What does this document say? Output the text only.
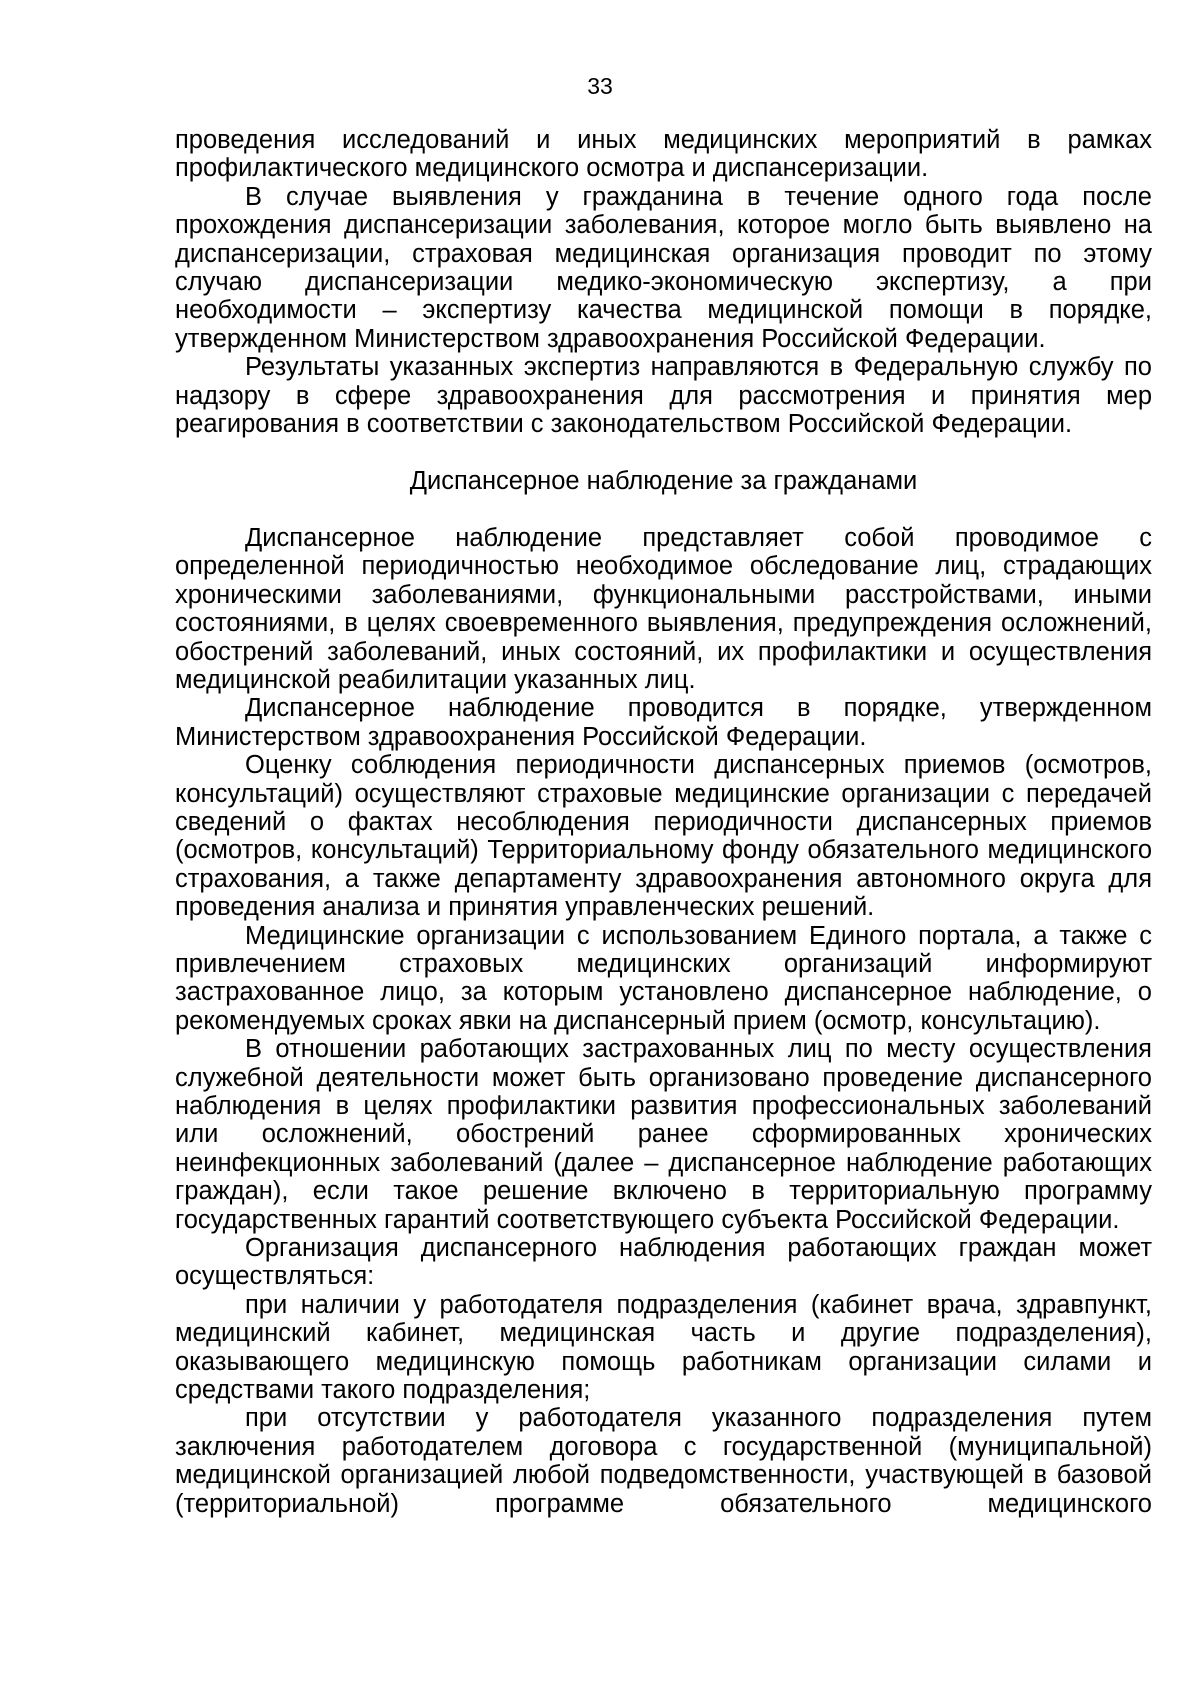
33

проведения исследований и иных медицинских мероприятий в рамках профилактического медицинского осмотра и диспансеризации.

В случае выявления у гражданина в течение одного года после прохождения диспансеризации заболевания, которое могло быть выявлено на диспансеризации, страховая медицинская организация проводит по этому случаю диспансеризации медико-экономическую экспертизу, а при необходимости – экспертизу качества медицинской помощи в порядке, утвержденном Министерством здравоохранения Российской Федерации.

Результаты указанных экспертиз направляются в Федеральную службу по надзору в сфере здравоохранения для рассмотрения и принятия мер реагирования в соответствии с законодательством Российской Федерации.

Диспансерное наблюдение за гражданами

Диспансерное наблюдение представляет собой проводимое с определенной периодичностью необходимое обследование лиц, страдающих хроническими заболеваниями, функциональными расстройствами, иными состояниями, в целях своевременного выявления, предупреждения осложнений, обострений заболеваний, иных состояний, их профилактики и осуществления медицинской реабилитации указанных лиц.

Диспансерное наблюдение проводится в порядке, утвержденном Министерством здравоохранения Российской Федерации.

Оценку соблюдения периодичности диспансерных приемов (осмотров, консультаций) осуществляют страховые медицинские организации с передачей сведений о фактах несоблюдения периодичности диспансерных приемов (осмотров, консультаций) Территориальному фонду обязательного медицинского страхования, а также департаменту здравоохранения автономного округа для проведения анализа и принятия управленческих решений.

Медицинские организации с использованием Единого портала, а также с привлечением страховых медицинских организаций информируют застрахованное лицо, за которым установлено диспансерное наблюдение, о рекомендуемых сроках явки на диспансерный прием (осмотр, консультацию).

В отношении работающих застрахованных лиц по месту осуществления служебной деятельности может быть организовано проведение диспансерного наблюдения в целях профилактики развития профессиональных заболеваний или осложнений, обострений ранее сформированных хронических неинфекционных заболеваний (далее – диспансерное наблюдение работающих граждан), если такое решение включено в территориальную программу государственных гарантий соответствующего субъекта Российской Федерации.

Организация диспансерного наблюдения работающих граждан может осуществляться:

при наличии у работодателя подразделения (кабинет врача, здравпункт, медицинский кабинет, медицинская часть и другие подразделения), оказывающего медицинскую помощь работникам организации силами и средствами такого подразделения;

при отсутствии у работодателя указанного подразделения путем заключения работодателем договора с государственной (муниципальной) медицинской организацией любой подведомственности, участвующей в базовой (территориальной) программе обязательного медицинского
